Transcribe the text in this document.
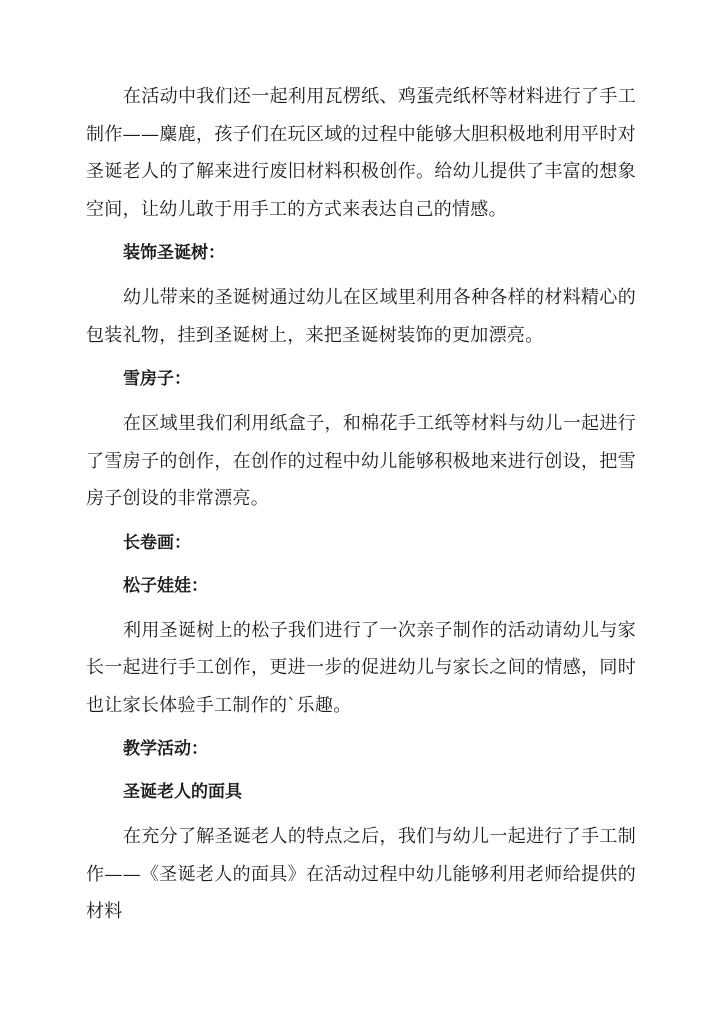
在活动中我们还一起利用瓦楞纸、鸡蛋壳纸杯等材料进行了手工制作——麋鹿，孩子们在玩区域的过程中能够大胆积极地利用平时对圣诞老人的了解来进行废旧材料积极创作。给幼儿提供了丰富的想象空间，让幼儿敢于用手工的方式来表达自己的情感。

装饰圣诞树：

幼儿带来的圣诞树通过幼儿在区域里利用各种各样的材料精心的包装礼物，挂到圣诞树上，来把圣诞树装饰的更加漂亮。

雪房子：

在区域里我们利用纸盒子，和棉花手工纸等材料与幼儿一起进行了雪房子的创作，在创作的过程中幼儿能够积极地来进行创设，把雪房子创设的非常漂亮。

长卷画：

松子娃娃：

利用圣诞树上的松子我们进行了一次亲子制作的活动请幼儿与家长一起进行手工创作，更进一步的促进幼儿与家长之间的情感，同时也让家长体验手工制作的`乐趣。

教学活动：

圣诞老人的面具

在充分了解圣诞老人的特点之后，我们与幼儿一起进行了手工制作——《圣诞老人的面具》在活动过程中幼儿能够利用老师给提供的材料
